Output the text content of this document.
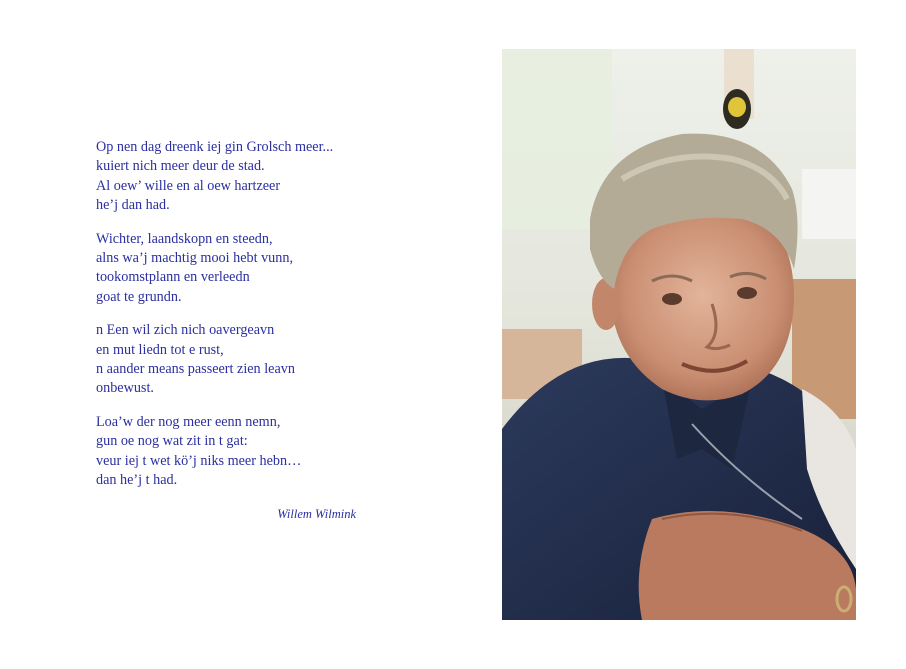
Op nen dag dreenk iej gin Grolsch meer...
kuiert nich meer deur de stad.
Al oew’ wille en al oew hartzeer
he’j dan had.
Wichter, laandskopn en steedn,
alns wa’j machtig mooi hebt vunn,
tookomstplann en verleedn
goat te grundn.
n Een wil zich nich oavergeavn
en mut liedn tot e rust,
n aander means passeert zien leavn
onbewust.
Loa’w der nog meer eenn nemn,
gun oe nog wat zit in t gat:
veur iej t wet kö’j niks meer hebn…
dan he’j t had.
Willem Wilmink
